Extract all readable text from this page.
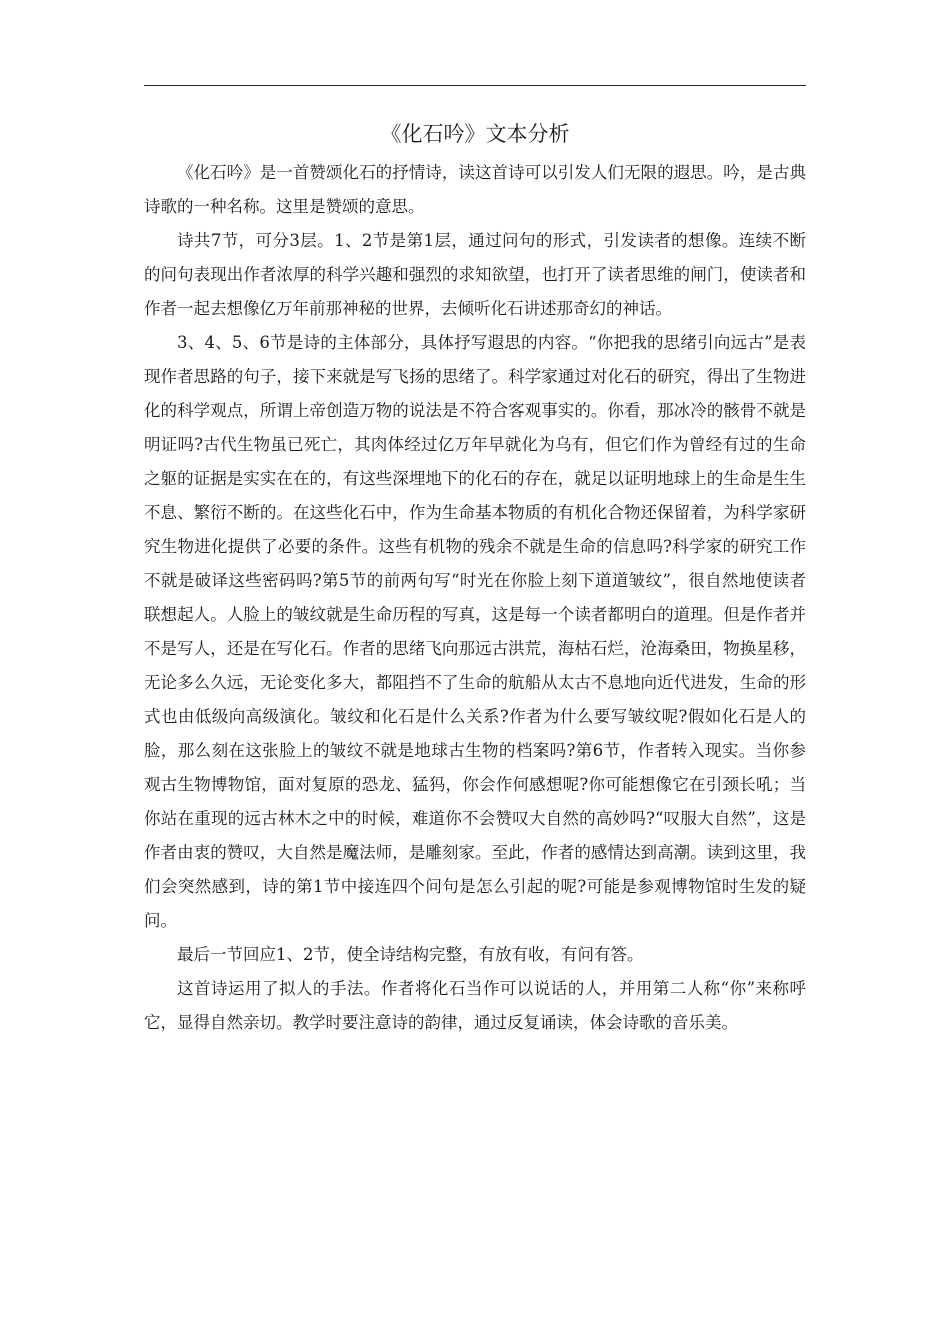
《化石吟》文本分析

《化石吟》是一首赞颂化石的抒情诗，读这首诗可以引发人们无限的遐思。吟，是古典诗歌的一种名称。这里是赞颂的意思。

诗共7节，可分3层。1、2节是第1层，通过问句的形式，引发读者的想像。连续不断的问句表现出作者浓厚的科学兴趣和强烈的求知欲望，也打开了读者思维的闸门，使读者和作者一起去想像亿万年前那神秘的世界，去倾听化石讲述那奇幻的神话。

3、4、5、6节是诗的主体部分，具体抒写遐思的内容。“你把我的思绪引向远古”是表现作者思路的句子，接下来就是写飞扬的思绪了。科学家通过对化石的研究，得出了生物进化的科学观点，所谓上帝创造万物的说法是不符合客观事实的。你看，那冰冷的骸骨不就是明证吗?古代生物虽已死亡，其肉体经过亿万年早就化为乌有，但它们作为曾经有过的生命之躯的证据是实实在在的，有这些深埋地下的化石的存在，就足以证明地球上的生命是生生不息、繁衍不断的。在这些化石中，作为生命基本物质的有机化合物还保留着，为科学家研究生物进化提供了必要的条件。这些有机物的残余不就是生命的信息吗?科学家的研究工作不就是破译这些密码吗?第5节的前两句写“时光在你脸上刻下道道皱纹”，很自然地使读者联想起人。人脸上的皱纹就是生命历程的写真，这是每一个读者都明白的道理。但是作者并不是写人，还是在写化石。作者的思绪飞向那远古洪荒，海枯石烂，沧海桑田，物换星移，无论多么久远，无论变化多大，都阻挡不了生命的航船从太古不息地向近代进发，生命的形式也由低级向高级演化。皱纹和化石是什么关系?作者为什么要写皱纹呢?假如化石是人的脸，那么刻在这张脸上的皱纹不就是地球古生物的档案吗?第6节，作者转入现实。当你参观古生物博物馆，面对复原的恐龙、猛犸，你会作何感想呢?你可能想像它在引颈长吼；当你站在重现的远古林木之中的时候，难道你不会赞叹大自然的高妙吗?“叹服大自然”，这是作者由衷的赞叹，大自然是魔法师，是雕刻家。至此，作者的感情达到高潮。读到这里，我们会突然感到，诗的第1节中接连四个问句是怎么引起的呢?可能是参观博物馆时生发的疑问。

最后一节回应1、2节，使全诗结构完整，有放有收，有问有答。

这首诗运用了拟人的手法。作者将化石当作可以说话的人，并用第二人称“你”来称呼它，显得自然亲切。教学时要注意诗的韵律，通过反复诵读，体会诗歌的音乐美。
